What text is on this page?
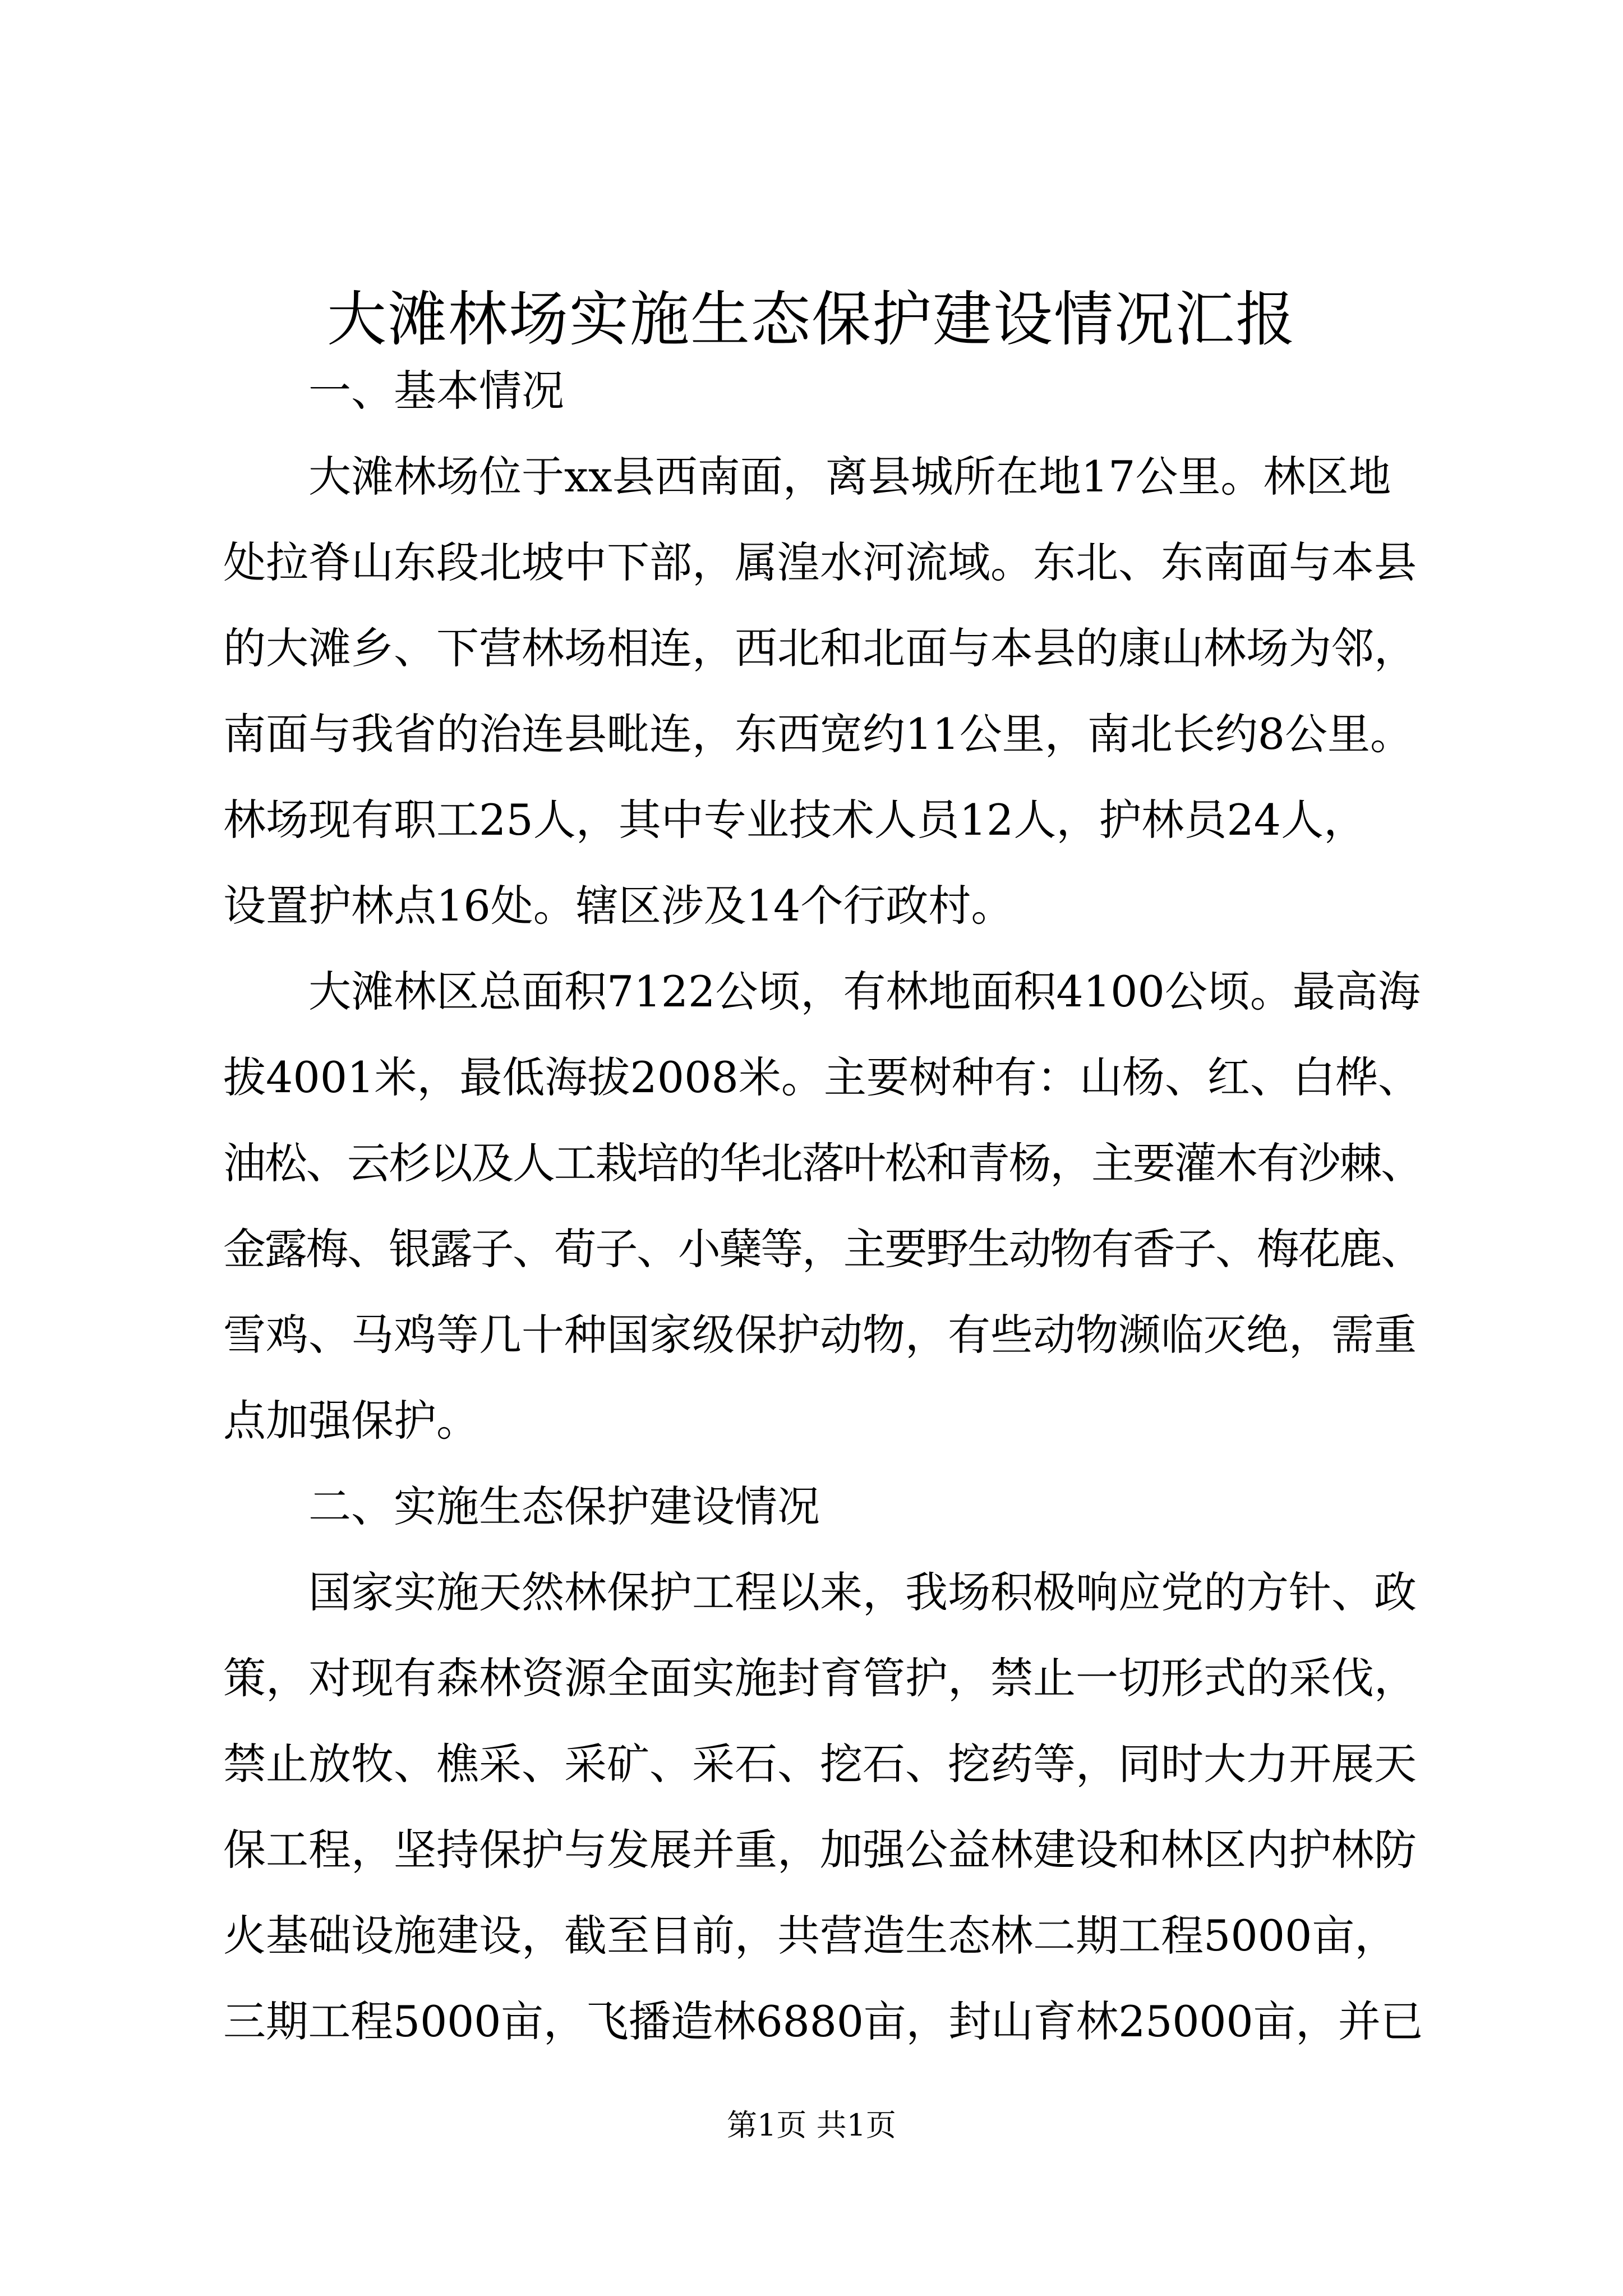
大滩林场实施生态保护建设情况汇报
一、基本情况
大滩林场位于xx县西南面，离县城所在地17公里。林区地
处拉脊山东段北坡中下部，属湟水河流域。东北、东南面与本县
的大滩乡、下营林场相连，西北和北面与本县的康山林场为邻，
南面与我省的治连县毗连，东西宽约11公里，南北长约8公里。
林场现有职工25人，其中专业技术人员12人，护林员24人，
设置护林点16处。辖区涉及14个行政村。
大滩林区总面积7122公顷，有林地面积4100公顷。最高海
拔4001米，最低海拔2008米。主要树种有：山杨、红、白桦、
油松、云杉以及人工栽培的华北落叶松和青杨，主要灌木有沙棘、
金露梅、银露子、荀子、小蘖等，主要野生动物有香子、梅花鹿、
雪鸡、马鸡等几十种国家级保护动物，有些动物濒临灭绝，需重
点加强保护。
二、实施生态保护建设情况
国家实施天然林保护工程以来，我场积极响应党的方针、政
策，对现有森林资源全面实施封育管护，禁止一切形式的采伐，
禁止放牧、樵采、采矿、采石、挖石、挖药等，同时大力开展天
保工程，坚持保护与发展并重，加强公益林建设和林区内护林防
火基础设施建设，截至目前，共营造生态林二期工程5000亩，
三期工程5000亩，飞播造林6880亩，封山育林25000亩，并已
第1页 共1页
